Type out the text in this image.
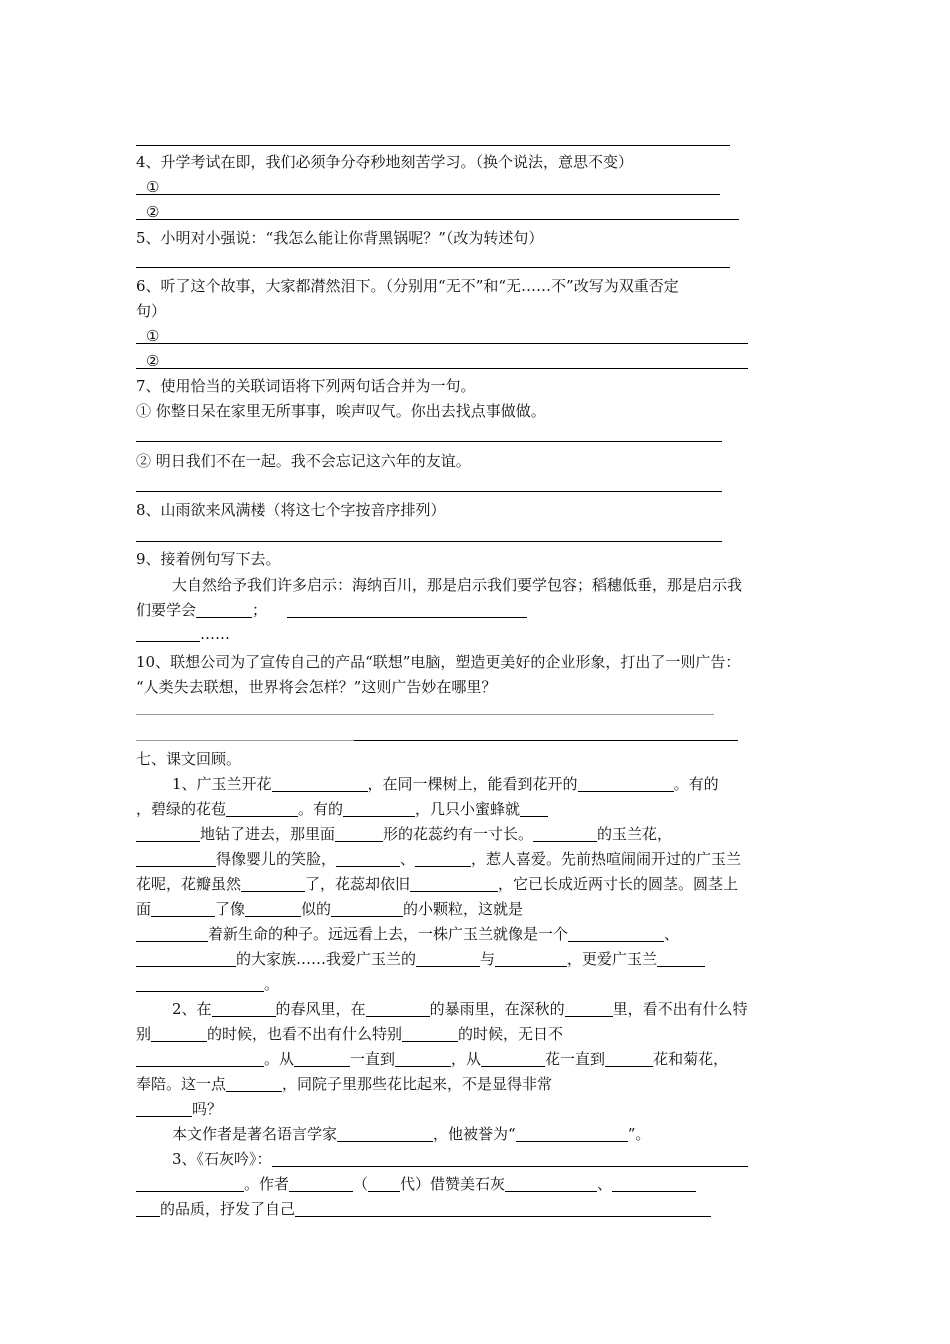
4、升学考试在即，我们必须争分夺秒地刻苦学习。（换个说法，意思不变）
①
②
5、小明对小强说：“我怎么能让你背黑锅呢？”（改为转述句）
6、听了这个故事，大家都潸然泪下。（分别用“无不”和“无……不”改写为双重否定
句）
①
②
7、使用恰当的关联词语将下列两句话合并为一句。
① 你整日呆在家里无所事事，唉声叹气。你出去找点事做做。
② 明日我们不在一起。我不会忘记这六年的友谊。
8、山雨欲来风满楼（将这七个字按音序排列）
9、接着例句写下去。
大自然给予我们许多启示：海纳百川，那是启示我们要学包容；稻穗低垂，那是启示我
们要学会	；
……
10、联想公司为了宣传自己的产品“联想”电脑，塑造更美好的企业形象，打出了一则广告：
“人类失去联想，世界将会怎样？”这则广告妙在哪里？
七、课文回顾。
1、广玉兰开花	，在同一棵树上，能看到花开的	。有的
，碧绿的花苞	。有的	，几只小蜜蜂就
地钻了进去，那里面	形的花蕊约有一寸长。	的玉兰花，
得像婴儿的笑脸，	、	，惹人喜爱。先前热喧闹闹开过的广玉兰
花呢，花瓣虽然	了，花蕊却依旧	，它已长成近两寸长的圆茎。圆茎上
面	了像	似的	的小颗粒，这就是
着新生命的种子。远远看上去，一株广玉兰就像是一个	、
的大家族……我爱广玉兰的	与	，更爱广玉兰
。
2、在	的春风里，在	的暴雨里，在深秋的	里，看不出有什么特
别	的时候，也看不出有什么特别	的时候，无日不
。从	一直到	，从	花一直到	花和菊花，
奉陪。这一点	，同院子里那些花比起来，不是显得非常
吗？
本文作者是著名语言学家	，他被誉为“	”。
3、《石灰吟》：
。作者	（ 代）借赞美石灰	、
的品质，抒发了自己
